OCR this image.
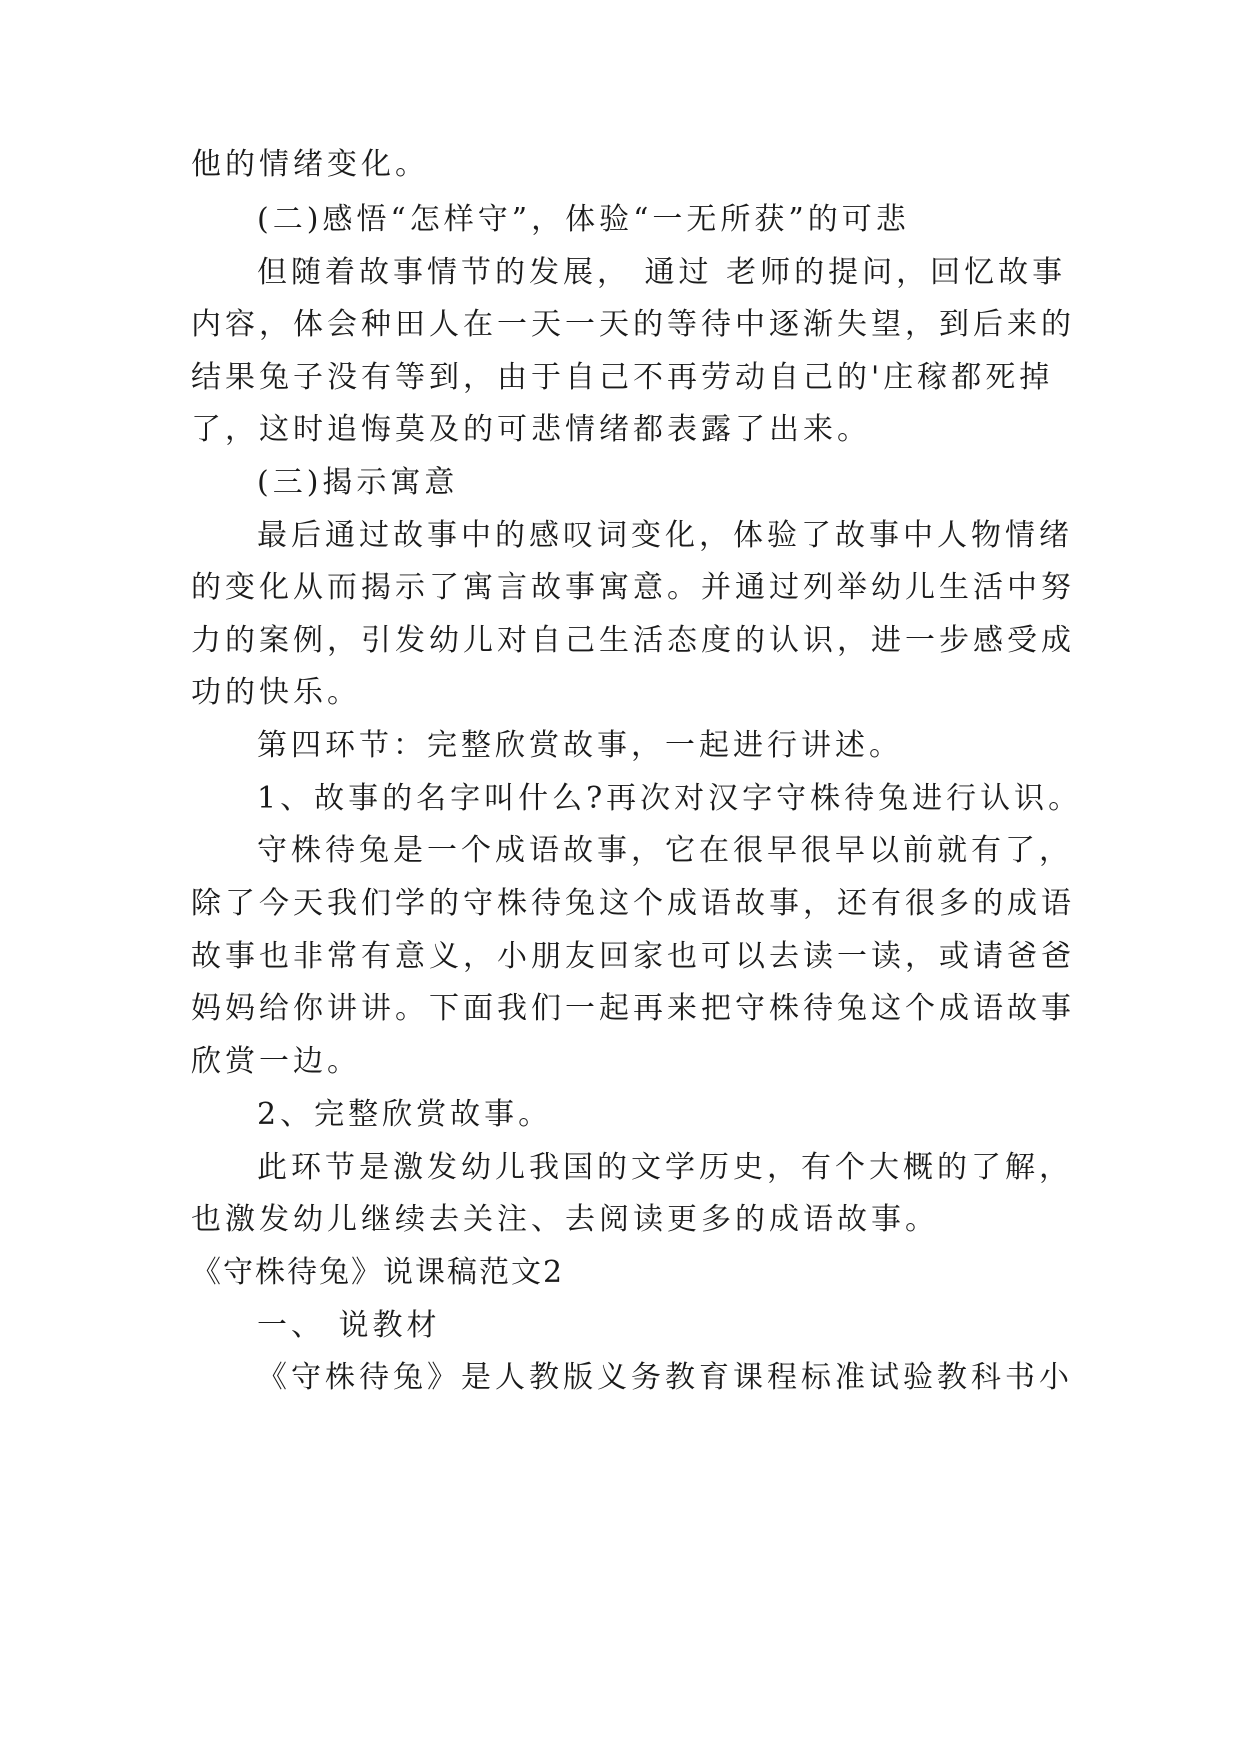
他的情绪变化。
(二)感悟“怎样守”，体验“一无所获”的可悲
但随着故事情节的发展， 通过 老师的提问，回忆故事
内容，体会种田人在一天一天的等待中逐渐失望，到后来的
结果兔子没有等到，由于自己不再劳动自己的'庄稼都死掉
了，这时追悔莫及的可悲情绪都表露了出来。
(三)揭示寓意
最后通过故事中的感叹词变化，体验了故事中人物情绪
的变化从而揭示了寓言故事寓意。并通过列举幼儿生活中努
力的案例，引发幼儿对自己生活态度的认识，进一步感受成
功的快乐。
第四环节：完整欣赏故事，一起进行讲述。
1、故事的名字叫什么?再次对汉字守株待兔进行认识。
守株待兔是一个成语故事，它在很早很早以前就有了，
除了今天我们学的守株待兔这个成语故事，还有很多的成语
故事也非常有意义，小朋友回家也可以去读一读，或请爸爸
妈妈给你讲讲。下面我们一起再来把守株待兔这个成语故事
欣赏一边。
2、完整欣赏故事。
此环节是激发幼儿我国的文学历史，有个大概的了解，
也激发幼儿继续去关注、去阅读更多的成语故事。
《守株待兔》说课稿范文2
一、 说教材
《守株待兔》是人教版义务教育课程标准试验教科书小
